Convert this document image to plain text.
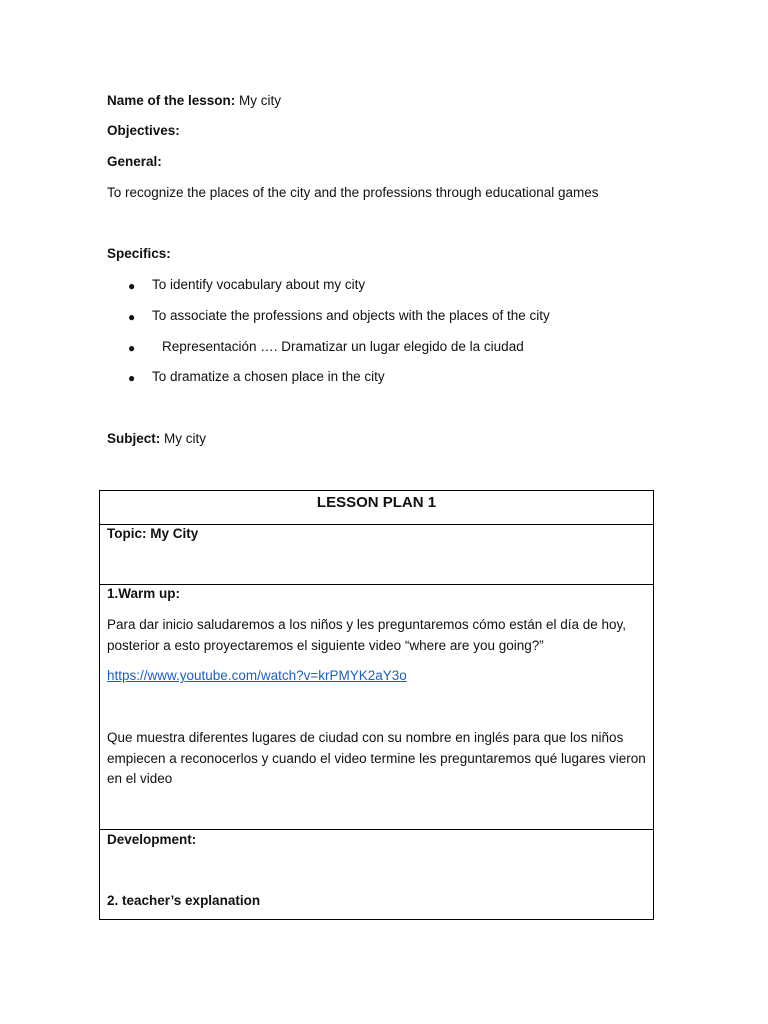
Name of the lesson: My city
Objectives:
General:
To recognize the places of the city and the professions through educational games
Specifics:
● To identify vocabulary about my city
● To associate the professions and objects with the places of the city
● Representación …. Dramatizar un lugar elegido de la ciudad
● To dramatize a chosen place in the city
Subject: My city
LESSON PLAN 1
Topic: My City
1.Warm up:
Para dar inicio saludaremos a los niños y les preguntaremos cómo están el día de hoy, posterior a esto proyectaremos el siguiente video “where are you going?”
https://www.youtube.com/watch?v=krPMYK2aY3o
Que muestra diferentes lugares de ciudad con su nombre en inglés para que los niños empiecen a reconocerlos y cuando el video termine les preguntaremos qué lugares vieron en el video
Development:
2. teacher’s explanation
